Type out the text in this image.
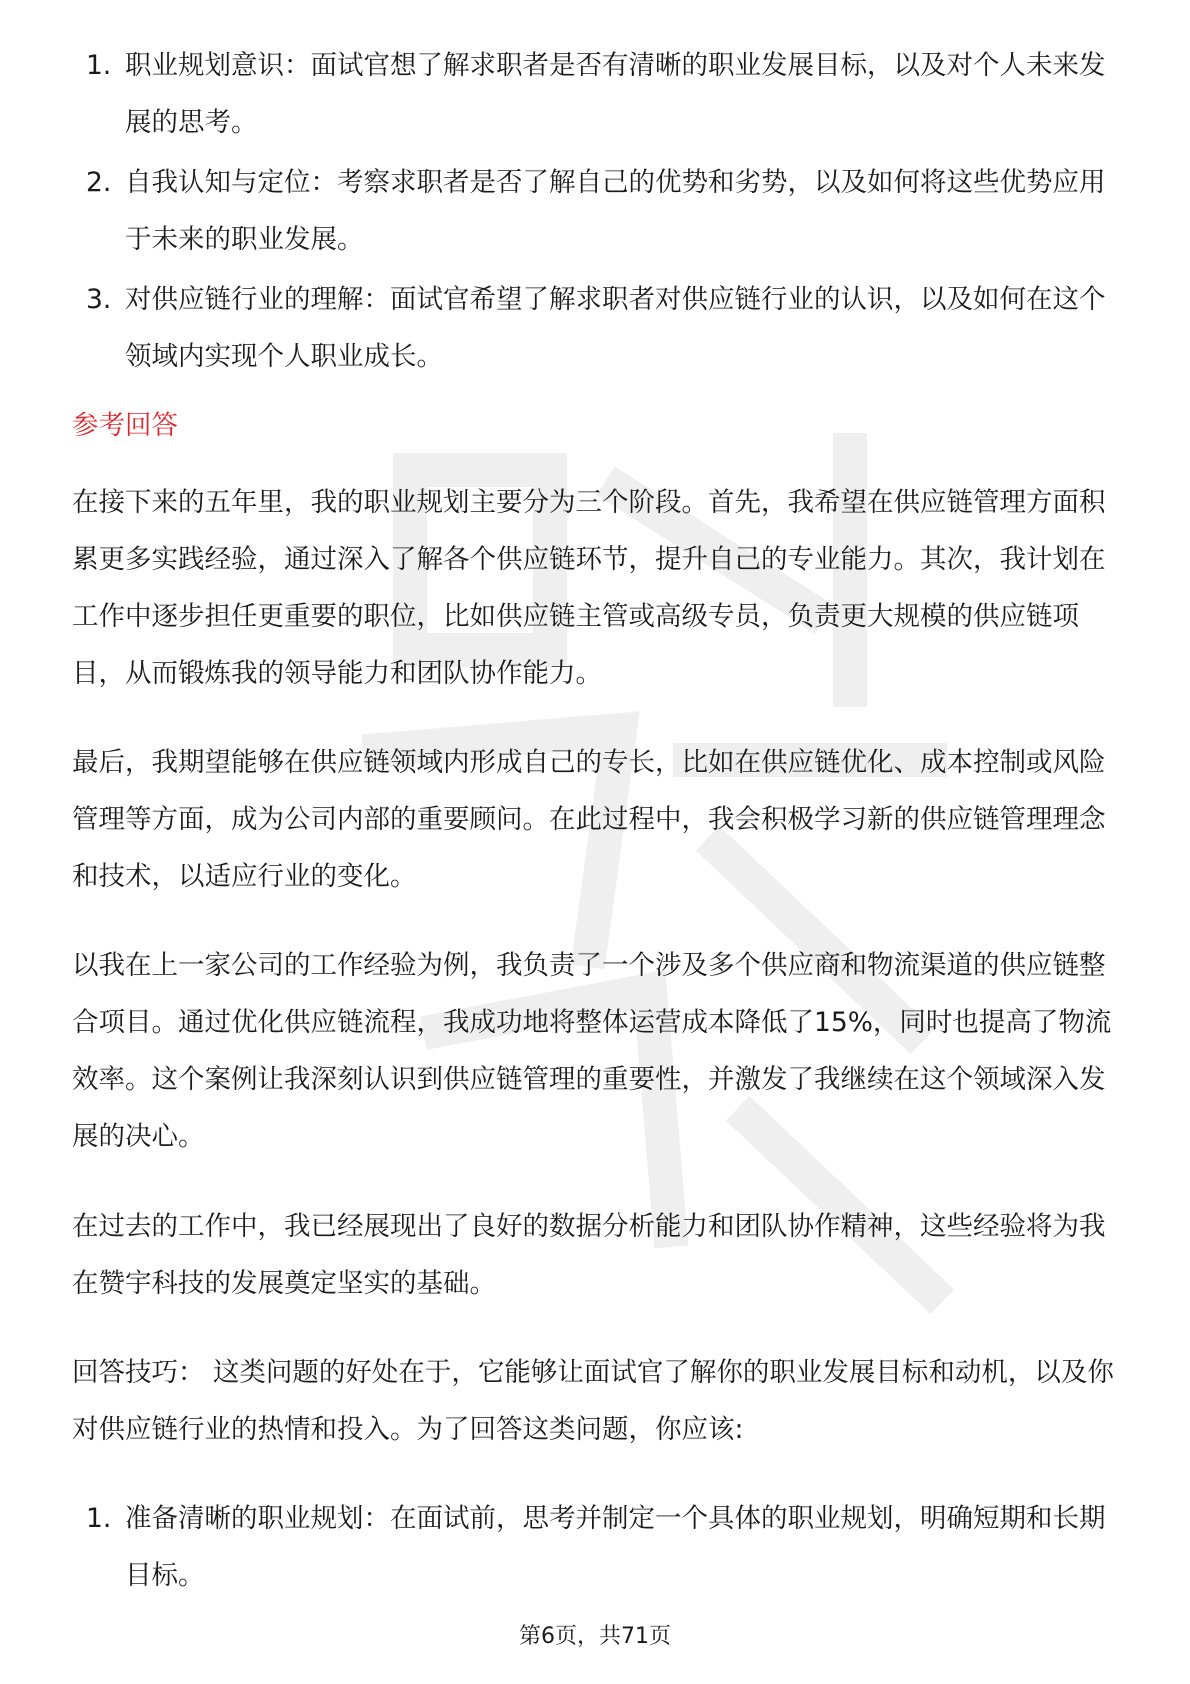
1. 职业规划意识：面试官想了解求职者是否有清晰的职业发展目标，以及对个人未来发展的思考。
2. 自我认知与定位：考察求职者是否了解自己的优势和劣势，以及如何将这些优势应用于未来的职业发展。
3. 对供应链行业的理解：面试官希望了解求职者对供应链行业的认识，以及如何在这个领域内实现个人职业成长。
参考回答

在接下来的五年里，我的职业规划主要分为三个阶段。首先，我希望在供应链管理方面积累更多实践经验，通过深入了解各个供应链环节，提升自己的专业能力。其次，我计划在工作中逐步担任更重要的职位，比如供应链主管或高级专员，负责更大规模的供应链项目，从而锻炼我的领导能力和团队协作能力。

最后，我期望能够在供应链领域内形成自己的专长，比如在供应链优化、成本控制或风险管理等方面，成为公司内部的重要顾问。在此过程中，我会积极学习新的供应链管理理念和技术，以适应行业的变化。

以我在上一家公司的工作经验为例，我负责了一个涉及多个供应商和物流渠道的供应链整合项目。通过优化供应链流程，我成功地将整体运营成本降低了15%，同时也提高了物流效率。这个案例让我深刻认识到供应链管理的重要性，并激发了我继续在这个领域深入发展的决心。

在过去的工作中，我已经展现出了良好的数据分析能力和团队协作精神，这些经验将为我在赞宇科技的发展奠定坚实的基础。

回答技巧： 这类问题的好处在于，它能够让面试官了解你的职业发展目标和动机，以及你对供应链行业的热情和投入。为了回答这类问题，你应该:

1. 准备清晰的职业规划：在面试前，思考并制定一个具体的职业规划，明确短期和长期目标。
第6页，共71页
